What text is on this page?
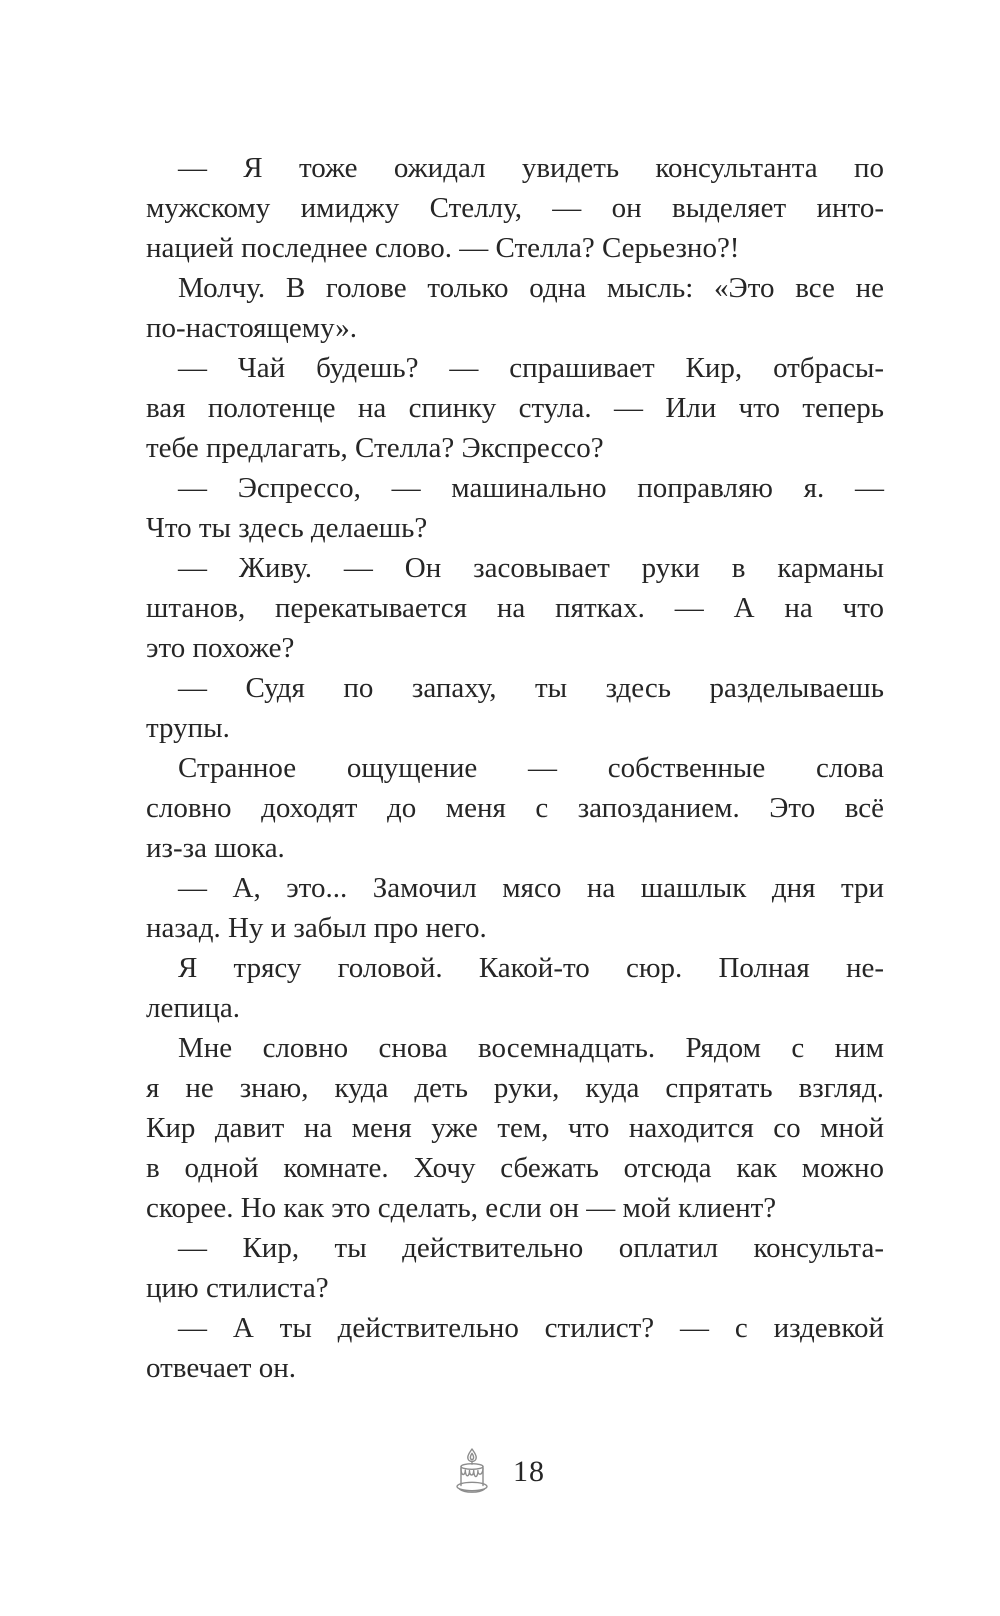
— Я тоже ожидал увидеть консультанта по
мужскому имиджу Стеллу, — он выделяет инто-
нацией последнее слово. — Стелла? Серьезно?!
Молчу. В голове только одна мысль: «Это все не
по-настоящему».
— Чай будешь? — спрашивает Кир, отбрасы-
вая полотенце на спинку стула. — Или что теперь
тебе предлагать, Стелла? Экспрессо?
— Эспрессо, — машинально поправляю я. —
Что ты здесь делаешь?
— Живу. — Он засовывает руки в карманы
штанов, перекатывается на пятках. — А на что
это похоже?
— Судя по запаху, ты здесь разделываешь
трупы.
Странное ощущение — собственные слова
словно доходят до меня с запозданием. Это всё
из-за шока.
— А, это... Замочил мясо на шашлык дня три
назад. Ну и забыл про него.
Я трясу головой. Какой-то сюр. Полная не-
лепица.
Мне словно снова восемнадцать. Рядом с ним
я не знаю, куда деть руки, куда спрятать взгляд.
Кир давит на меня уже тем, что находится со мной
в одной комнате. Хочу сбежать отсюда как можно
скорее. Но как это сделать, если он — мой клиент?
— Кир, ты действительно оплатил консульта-
цию стилиста?
— А ты действительно стилист? — с издевкой
отвечает он.
18
